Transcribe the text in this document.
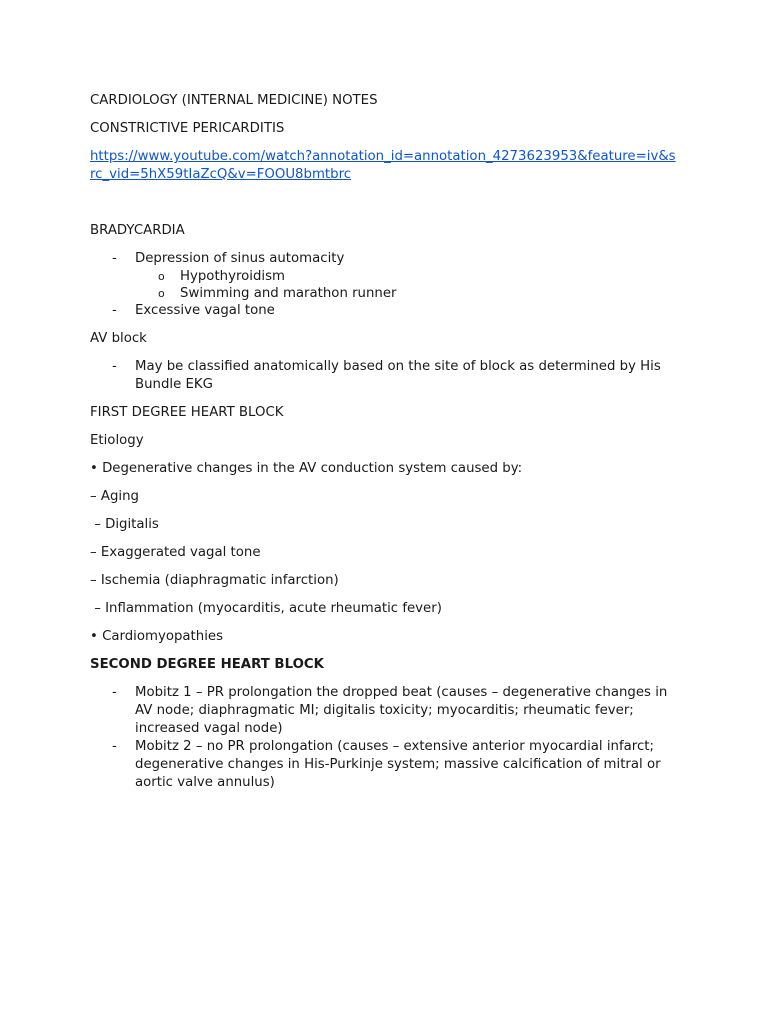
CARDIOLOGY (INTERNAL MEDICINE) NOTES
CONSTRICTIVE PERICARDITIS
https://www.youtube.com/watch?annotation_id=annotation_4273623953&feature=iv&src_vid=5hX59tIaZcQ&v=FOOU8bmtbrc
BRADYCARDIA
- Depression of sinus automacity
o Hypothyroidism
o Swimming and marathon runner
- Excessive vagal tone
AV block
- May be classified anatomically based on the site of block as determined by His Bundle EKG
FIRST DEGREE HEART BLOCK
Etiology
• Degenerative changes in the AV conduction system caused by:
– Aging
– Digitalis
– Exaggerated vagal tone
– Ischemia (diaphragmatic infarction)
– Inflammation (myocarditis, acute rheumatic fever)
• Cardiomyopathies
SECOND DEGREE HEART BLOCK
- Mobitz 1 – PR prolongation the dropped beat (causes – degenerative changes in AV node; diaphragmatic MI; digitalis toxicity; myocarditis; rheumatic fever; increased vagal node)
- Mobitz 2 – no PR prolongation (causes – extensive anterior myocardial infarct; degenerative changes in His-Purkinje system; massive calcification of mitral or aortic valve annulus)
